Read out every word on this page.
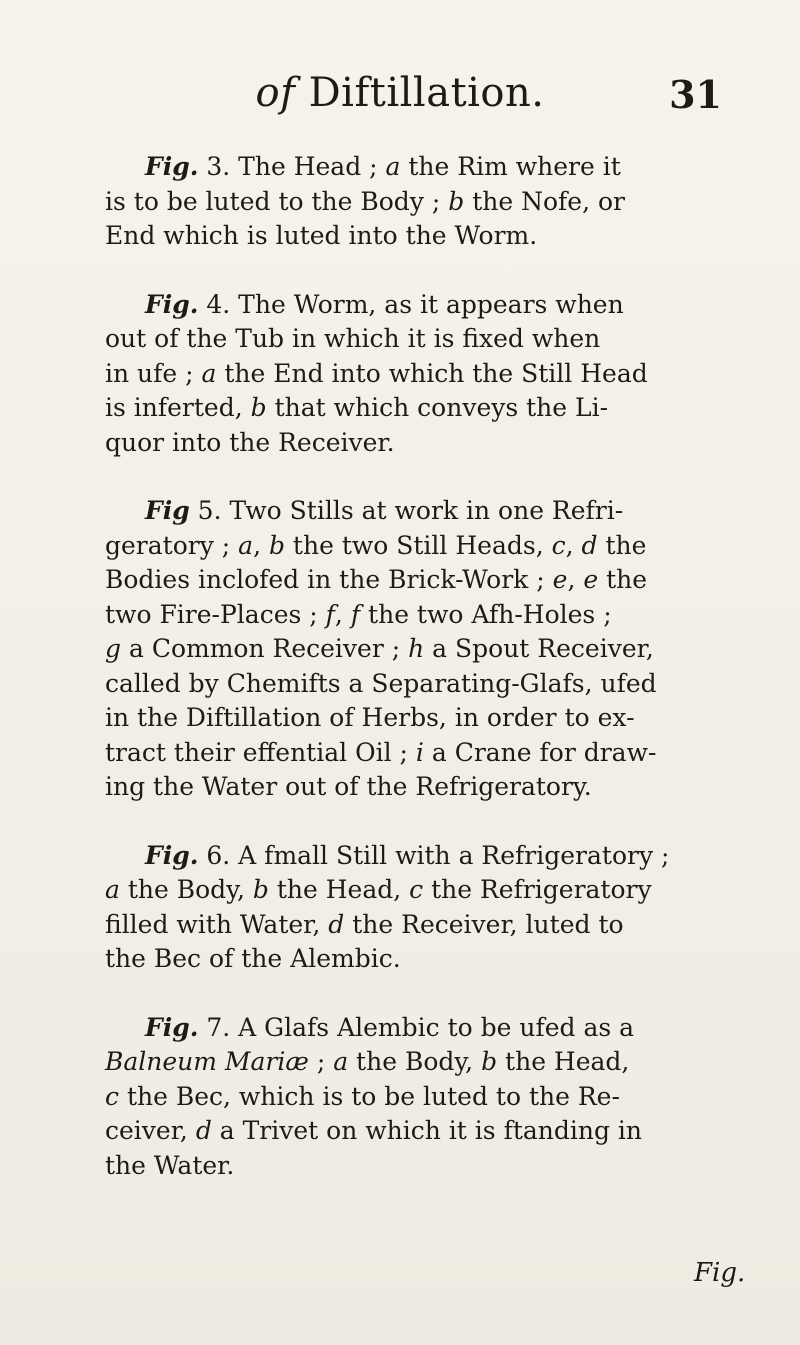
of Diftillation.	31
Fig. 3. The Head ; a the Rim where it
is to be luted to the Body ; b the Nofe, or
End which is luted into the Worm.
Fig. 4. The Worm, as it appears when
out of the Tub in which it is fixed when
in ufe ; a the End into which the Still Head
is inferted, b that which conveys the Li-
quor into the Receiver.
Fig 5. Two Stills at work in one Refri-
geratory ; a, b the two Still Heads, c, d the
Bodies inclofed in the Brick-Work ; e, e the
two Fire-Places ; f, f the two Afh-Holes ;
g a Common Receiver ; h a Spout Receiver,
called by Chemifts a Separating-Glafs, ufed
in the Diftillation of Herbs, in order to ex-
tract their effential Oil ; i a Crane for draw-
ing the Water out of the Refrigeratory.
Fig. 6. A fmall Still with a Refrigeratory ;
a the Body, b the Head, c the Refrigeratory
filled with Water, d the Receiver, luted to
the Bec of the Alembic.
Fig. 7. A Glafs Alembic to be ufed as a
Balneum Mariæ ; a the Body, b the Head,
c the Bec, which is to be luted to the Re-
ceiver, d a Trivet on which it is ftanding in
the Water.
Fig.
